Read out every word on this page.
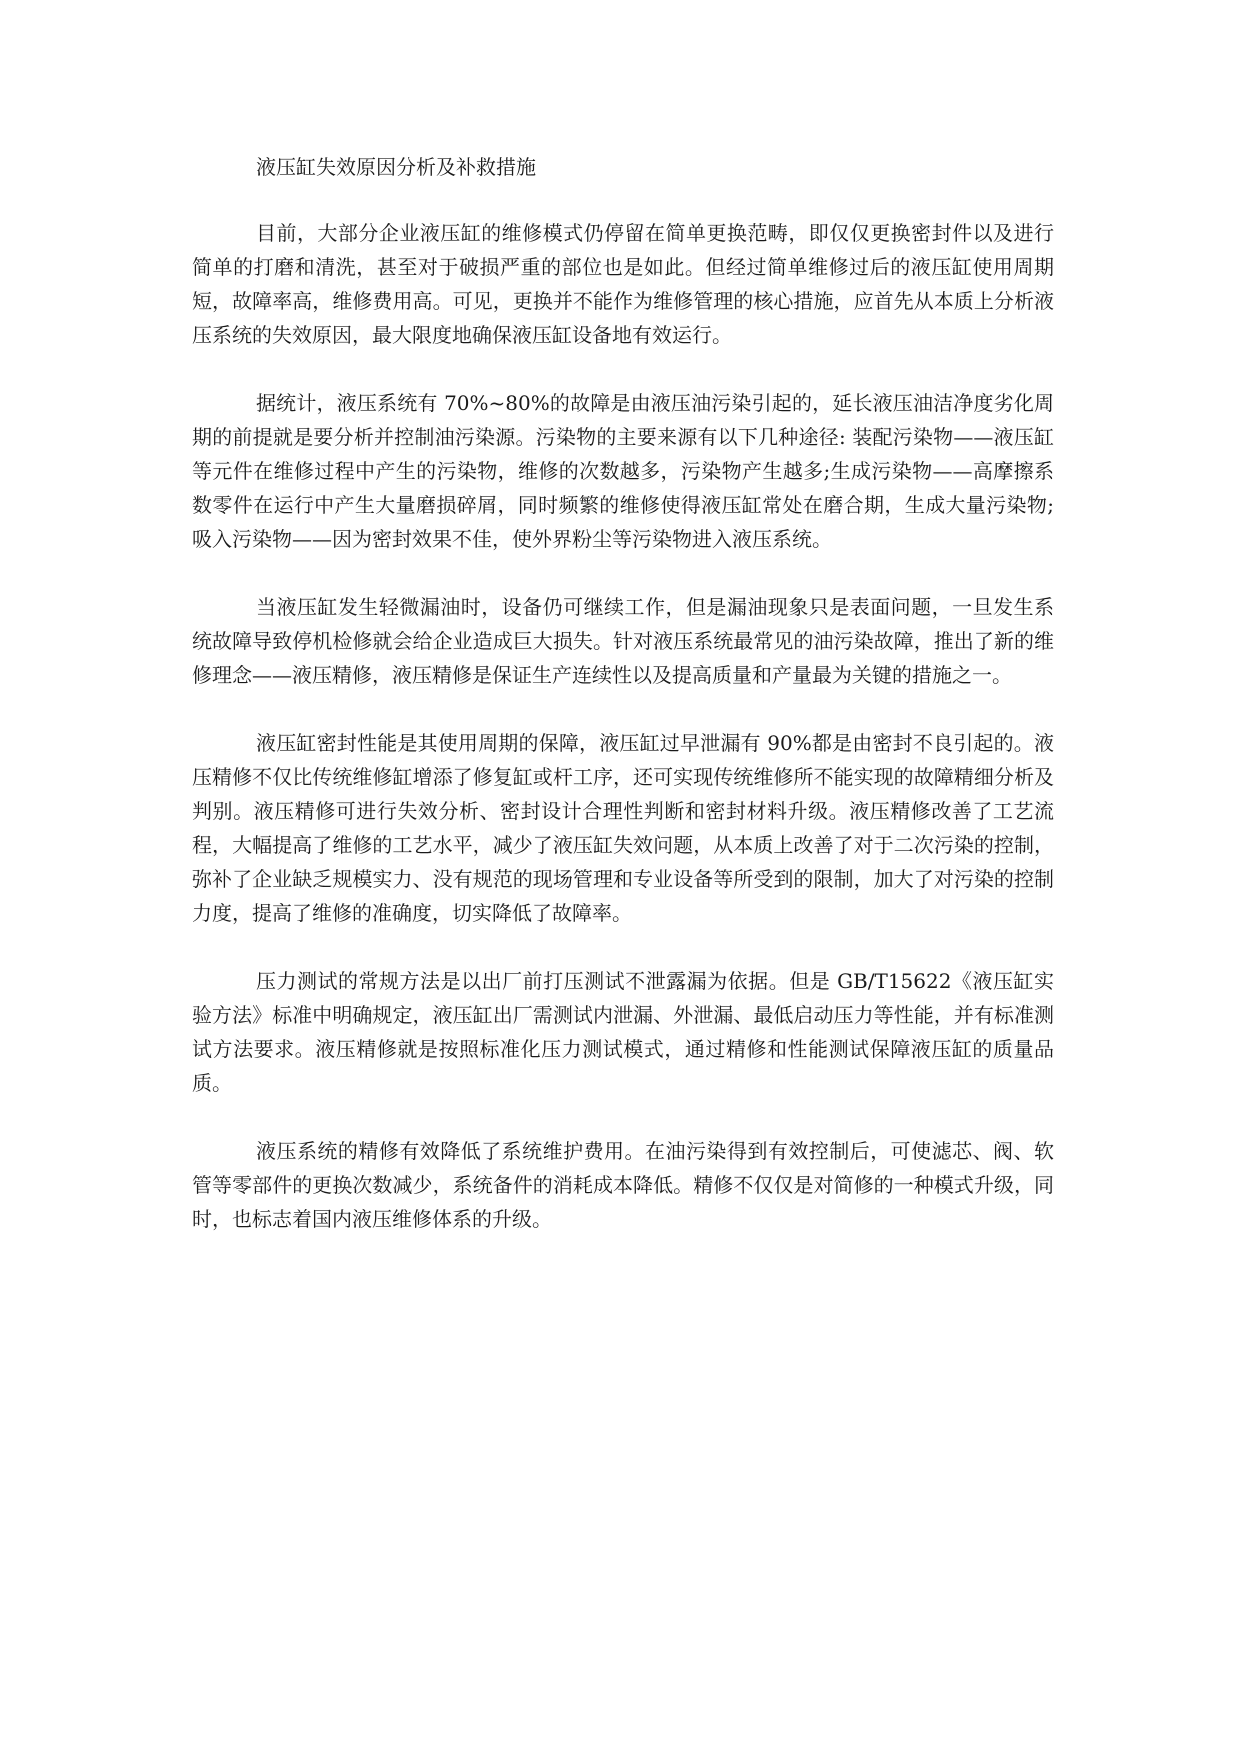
液压缸失效原因分析及补救措施

目前，大部分企业液压缸的维修模式仍停留在简单更换范畴，即仅仅更换密封件以及进行简单的打磨和清洗，甚至对于破损严重的部位也是如此。但经过简单维修过后的液压缸使用周期短，故障率高，维修费用高。可见，更换并不能作为维修管理的核心措施，应首先从本质上分析液压系统的失效原因，最大限度地确保液压缸设备地有效运行。

据统计，液压系统有 70%~80%的故障是由液压油污染引起的，延长液压油洁净度劣化周期的前提就是要分析并控制油污染源。污染物的主要来源有以下几种途径: 装配污染物——液压缸等元件在维修过程中产生的污染物，维修的次数越多，污染物产生越多;生成污染物——高摩擦系数零件在运行中产生大量磨损碎屑，同时频繁的维修使得液压缸常处在磨合期，生成大量污染物;吸入污染物——因为密封效果不佳，使外界粉尘等污染物进入液压系统。

当液压缸发生轻微漏油时，设备仍可继续工作，但是漏油现象只是表面问题，一旦发生系统故障导致停机检修就会给企业造成巨大损失。针对液压系统最常见的油污染故障，推出了新的维修理念——液压精修，液压精修是保证生产连续性以及提高质量和产量最为关键的措施之一。

液压缸密封性能是其使用周期的保障，液压缸过早泄漏有 90%都是由密封不良引起的。液压精修不仅比传统维修缸增添了修复缸或杆工序，还可实现传统维修所不能实现的故障精细分析及判别。液压精修可进行失效分析、密封设计合理性判断和密封材料升级。液压精修改善了工艺流程，大幅提高了维修的工艺水平，减少了液压缸失效问题，从本质上改善了对于二次污染的控制，弥补了企业缺乏规模实力、没有规范的现场管理和专业设备等所受到的限制，加大了对污染的控制力度，提高了维修的准确度，切实降低了故障率。

压力测试的常规方法是以出厂前打压测试不泄露漏为依据。但是 GB/T15622《液压缸实验方法》标准中明确规定，液压缸出厂需测试内泄漏、外泄漏、最低启动压力等性能，并有标准测试方法要求。液压精修就是按照标准化压力测试模式，通过精修和性能测试保障液压缸的质量品质。

液压系统的精修有效降低了系统维护费用。在油污染得到有效控制后，可使滤芯、阀、软管等零部件的更换次数减少，系统备件的消耗成本降低。精修不仅仅是对简修的一种模式升级，同时，也标志着国内液压维修体系的升级。
